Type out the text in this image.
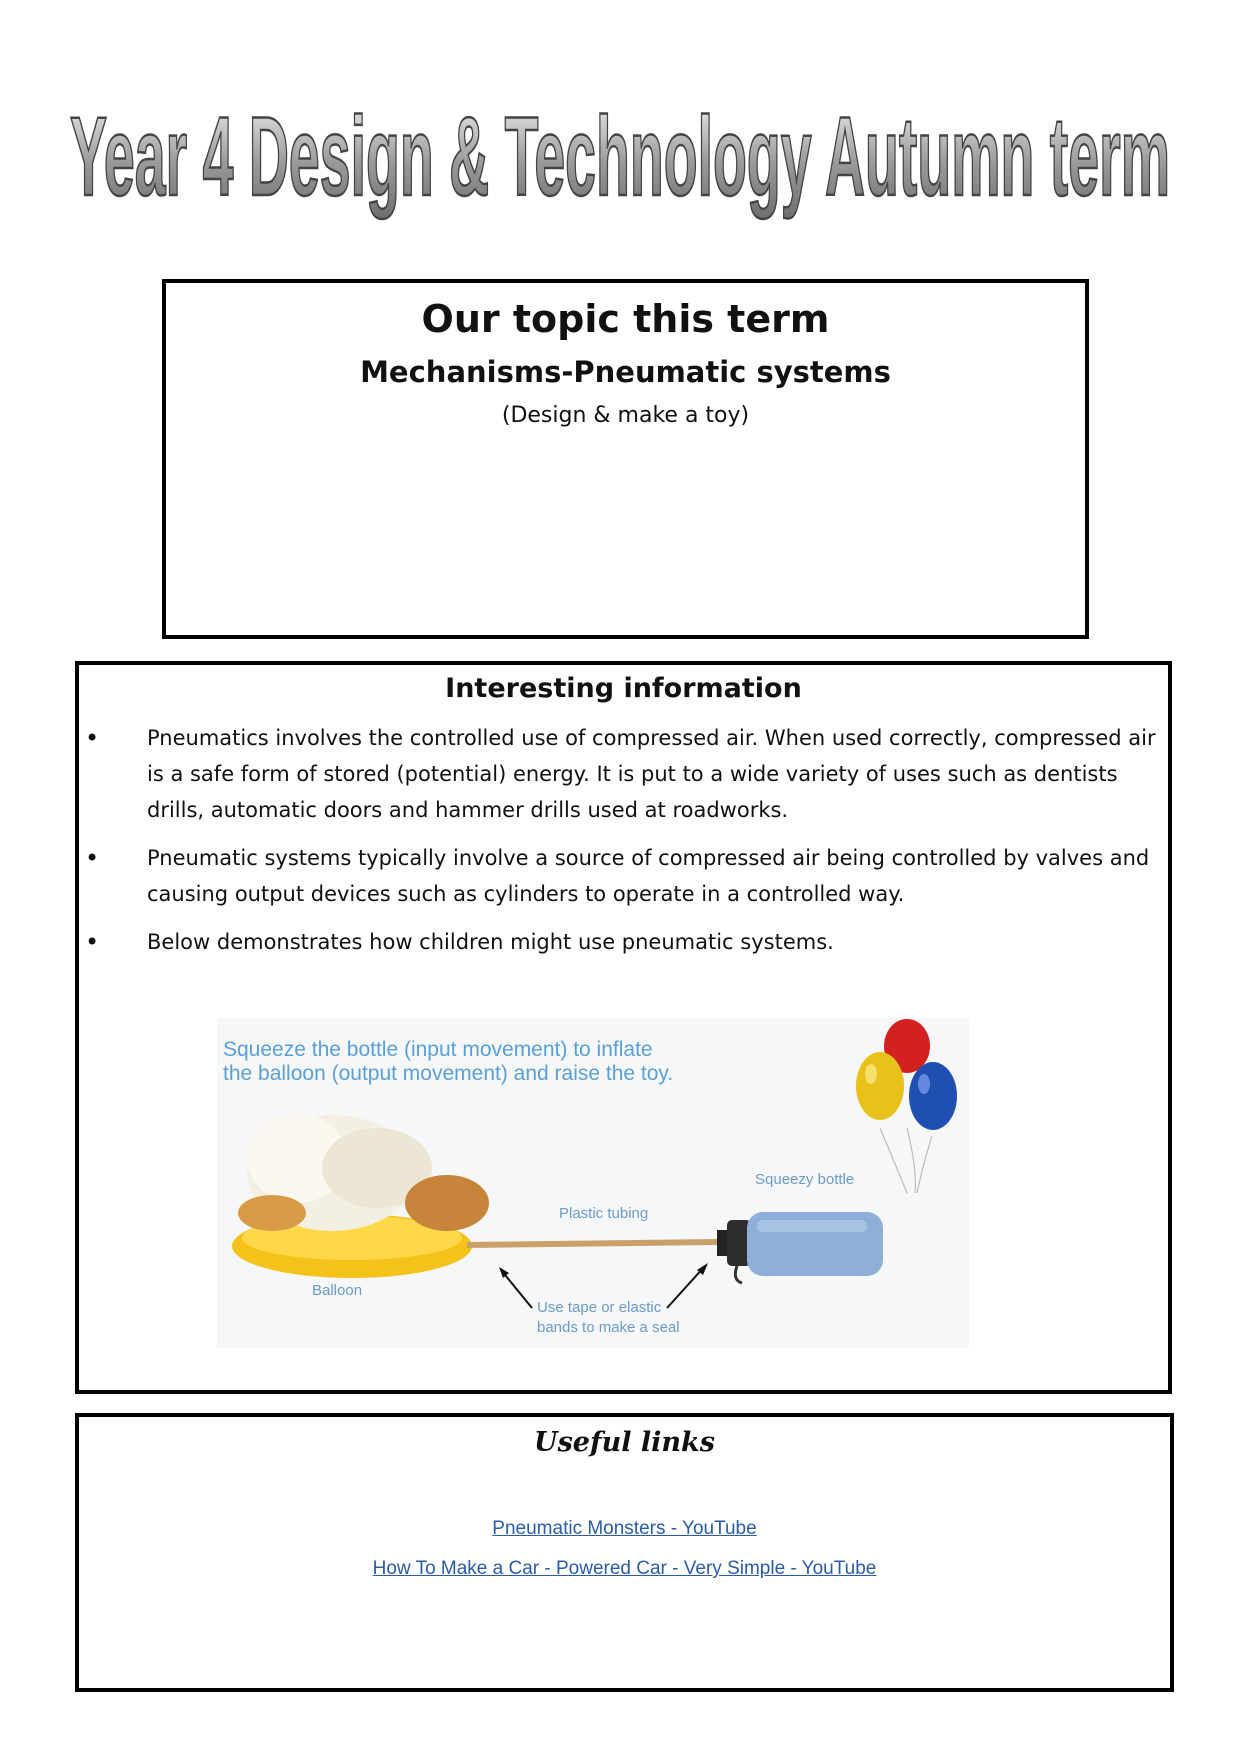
Year 4 Design & Technology Autumn term
Our topic this term
Mechanisms-Pneumatic systems
(Design & make a toy)
Interesting information
• Pneumatics involves the controlled use of compressed air. When used correctly, compressed air is a safe form of stored (potential) energy. It is put to a wide variety of uses such as dentists drills, automatic doors and hammer drills used at roadworks.
• Pneumatic systems typically involve a source of compressed air being controlled by valves and causing output devices such as cylinders to operate in a controlled way.
• Below demonstrates how children might use pneumatic systems.
Squeeze the bottle (input movement) to inflate
the balloon (output movement) and raise the toy.
Squeezy bottle
Plastic tubing
Balloon
Use tape or elastic
bands to make a seal
Useful links
Pneumatic Monsters - YouTube
How To Make a Car - Powered Car - Very Simple - YouTube
